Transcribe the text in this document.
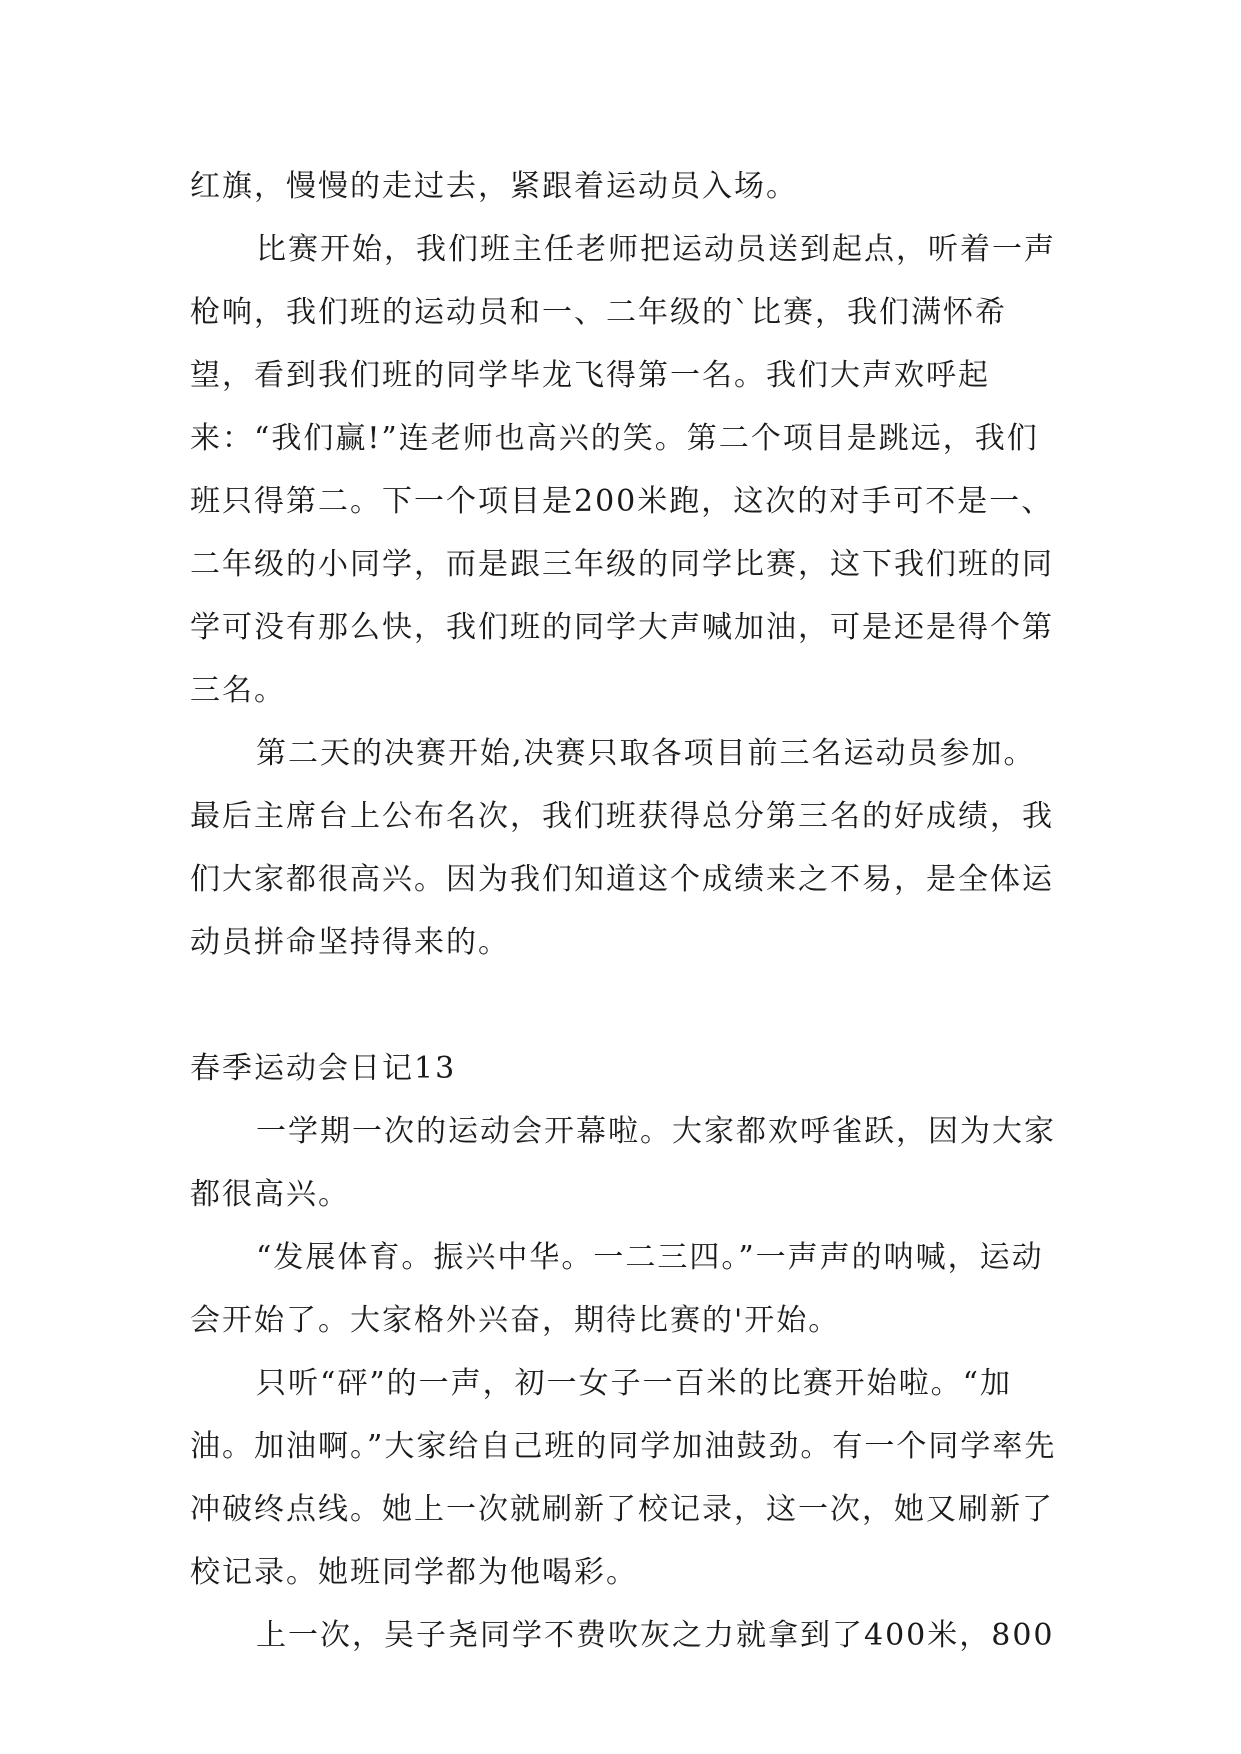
红旗，慢慢的走过去，紧跟着运动员入场。

比赛开始，我们班主任老师把运动员送到起点，听着一声枪响，我们班的运动员和一、二年级的`比赛，我们满怀希望，看到我们班的同学毕龙飞得第一名。我们大声欢呼起来：“我们赢!”连老师也高兴的笑。第二个项目是跳远，我们班只得第二。下一个项目是200米跑，这次的对手可不是一、二年级的小同学，而是跟三年级的同学比赛，这下我们班的同学可没有那么快，我们班的同学大声喊加油，可是还是得个第三名。

第二天的决赛开始,决赛只取各项目前三名运动员参加。最后主席台上公布名次，我们班获得总分第三名的好成绩，我们大家都很高兴。因为我们知道这个成绩来之不易，是全体运动员拼命坚持得来的。

春季运动会日记13

一学期一次的运动会开幕啦。大家都欢呼雀跃，因为大家都很高兴。

“发展体育。振兴中华。一二三四。”一声声的呐喊，运动会开始了。大家格外兴奋，期待比赛的'开始。

只听“砰”的一声，初一女子一百米的比赛开始啦。“加油。加油啊。”大家给自己班的同学加油鼓劲。有一个同学率先冲破终点线。她上一次就刷新了校记录，这一次，她又刷新了校记录。她班同学都为他喝彩。

上一次，吴子尧同学不费吹灰之力就拿到了400米，800
